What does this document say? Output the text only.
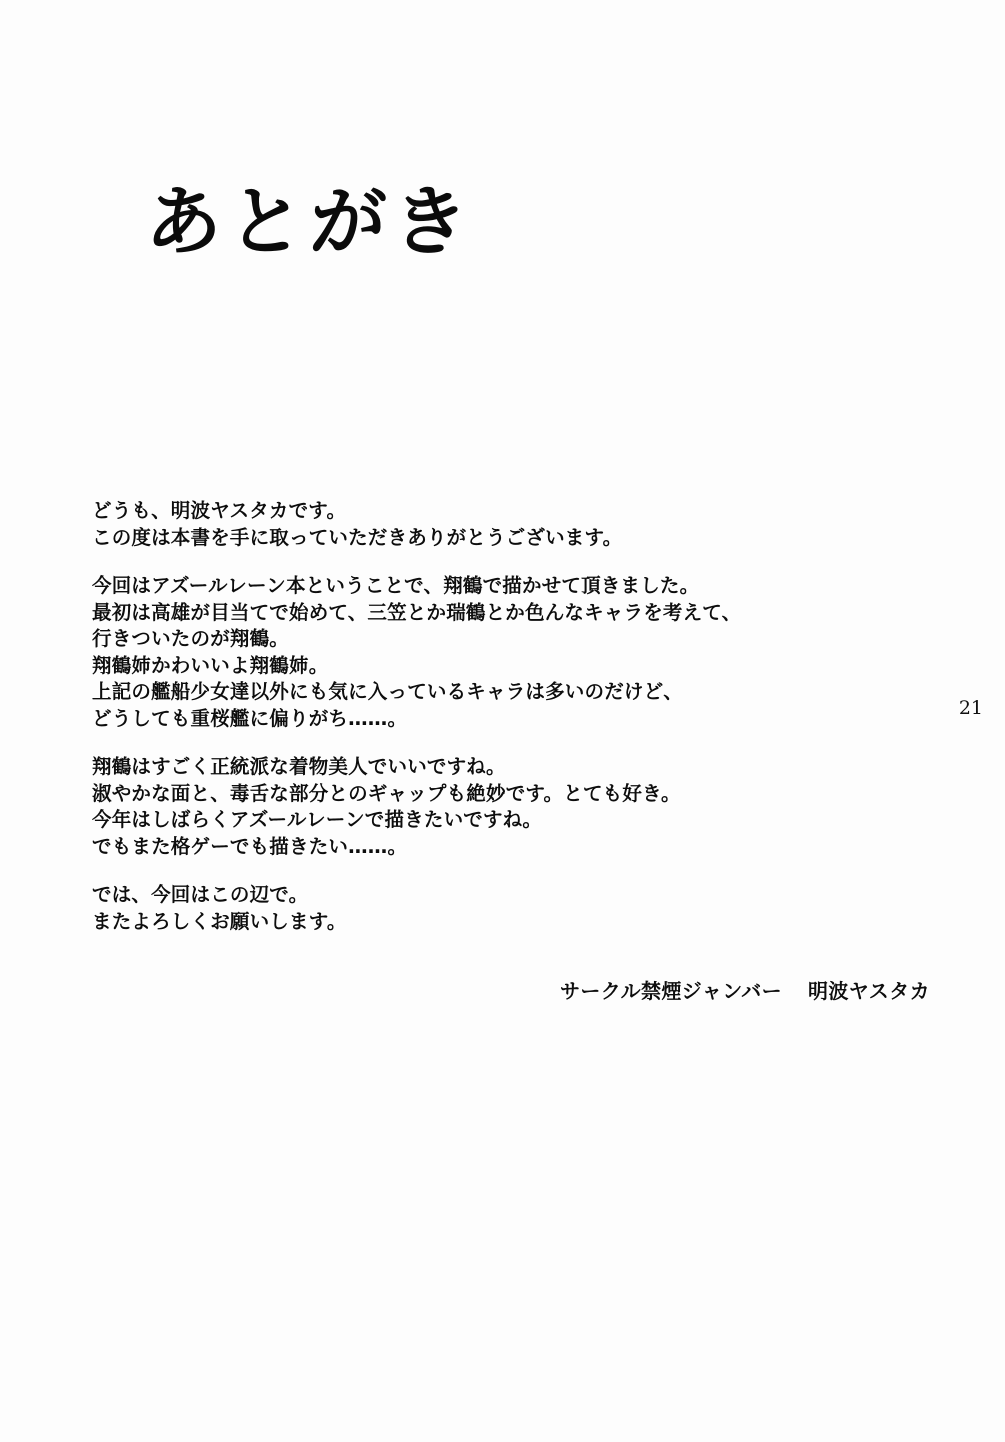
あとがき
どうも、明波ヤスタカです。
この度は本書を手に取っていただきありがとうございます。
今回はアズールレーン本ということで、翔鶴で描かせて頂きました。
最初は高雄が目当てで始めて、三笠とか瑞鶴とか色んなキャラを考えて、
行きついたのが翔鶴。
翔鶴姉かわいいよ翔鶴姉。
上記の艦船少女達以外にも気に入っているキャラは多いのだけど、
どうしても重桜艦に偏りがち……。
翔鶴はすごく正統派な着物美人でいいですね。
淑やかな面と、毒舌な部分とのギャップも絶妙です。とても好き。
今年はしばらくアズールレーンで描きたいですね。
でもまた格ゲーでも描きたい……。
では、今回はこの辺で。
またよろしくお願いします。
サークル禁煙ジャンバー 明波ヤスタカ
21
